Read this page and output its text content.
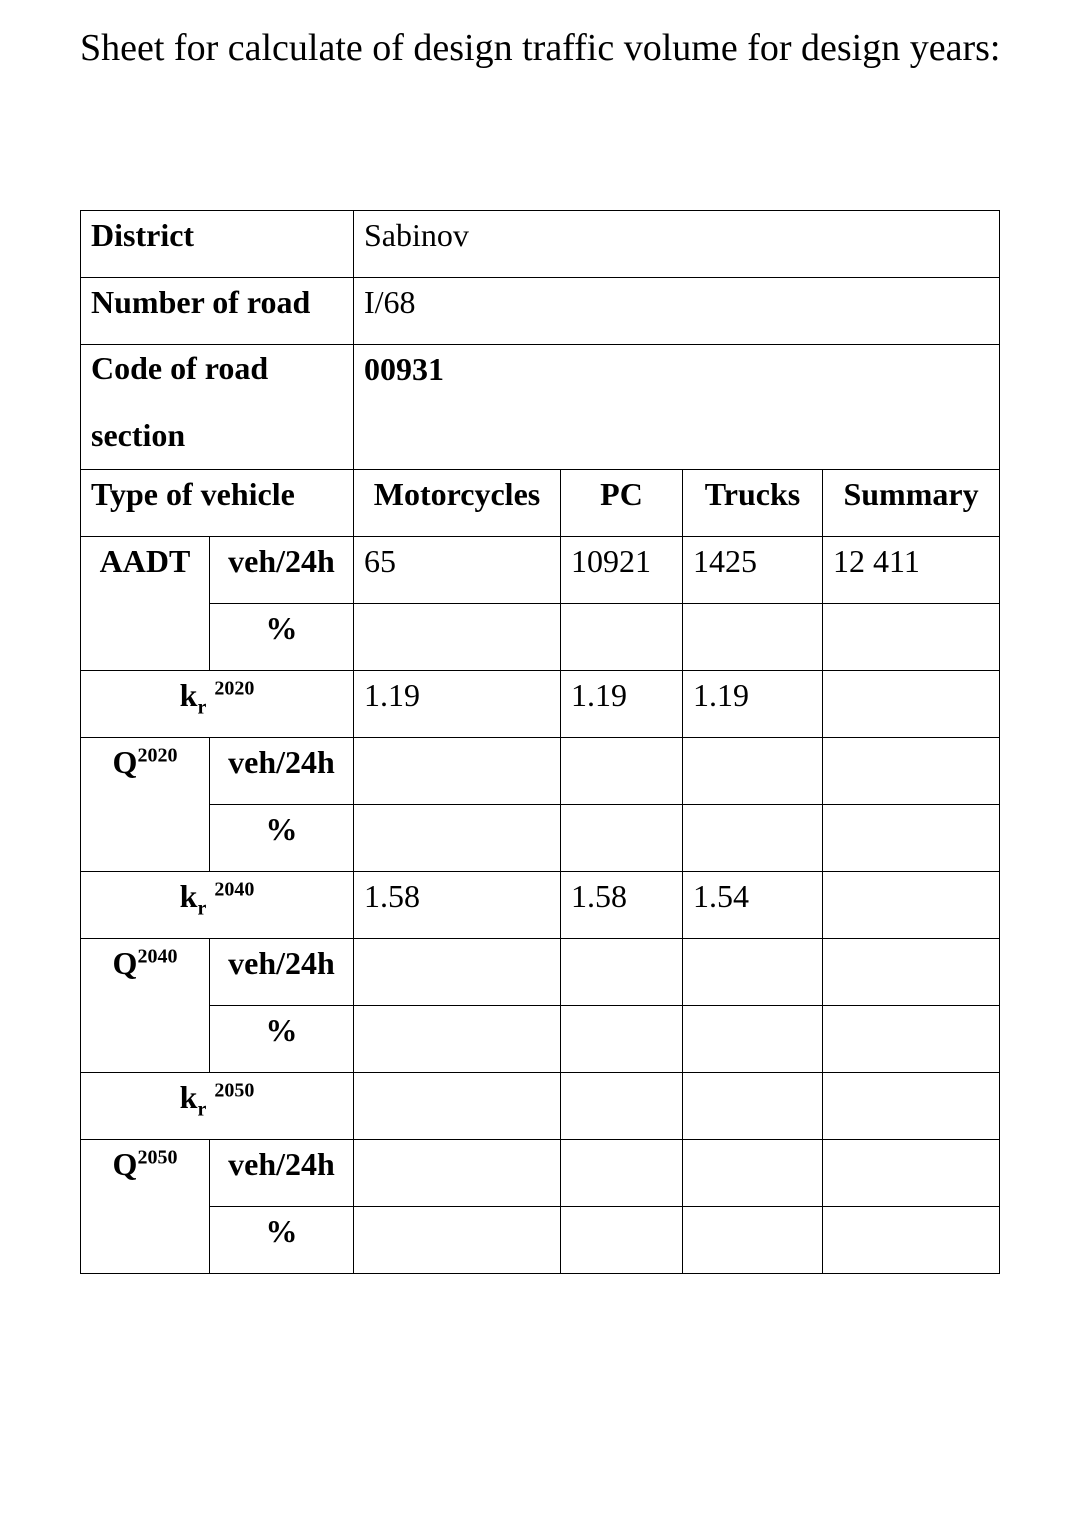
Sheet for calculate of design traffic volume for design years:
District		Sabinov			
Number of road		I/68			

Code of road section		00931			
Type of vehicle		Motorcycles	PC	Trucks	Summary
AADT	veh/24h	65	10921	1425	12 411
	%				
$k_r$ $^{2020}$		1.19	1.19	1.19	
$Q^{2020}$	veh/24h				
	%				
$k_r$ $^{2040}$		1.58	1.58	1.54	
$Q^{2040}$	veh/24h				
	%				
$k_r$ $^{2050}$				
$Q^{2050}$	veh/24h				
	%				
